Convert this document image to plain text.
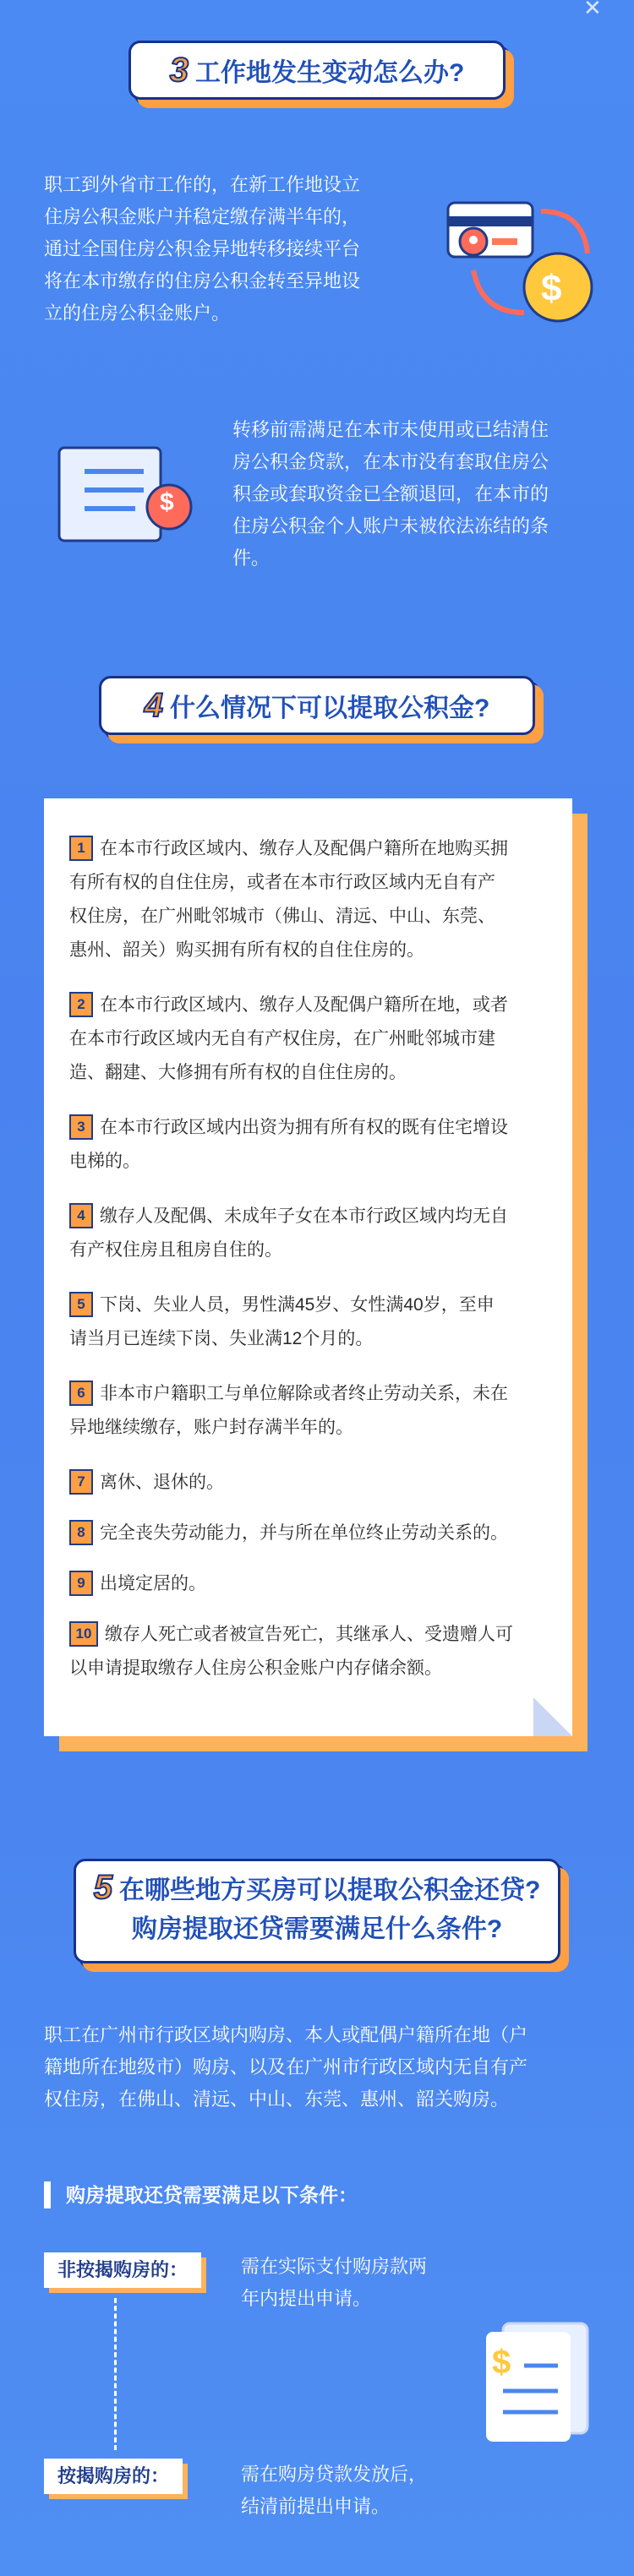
✕
3 工作地发生变动怎么办?
职工到外省市工作的，在新工作地设立
住房公积金账户并稳定缴存满半年的，
通过全国住房公积金异地转移接续平台
将在本市缴存的住房公积金转至异地设
立的住房公积金账户。
$
$
转移前需满足在本市未使用或已结清住
房公积金贷款，在本市没有套取住房公
积金或套取资金已全额退回，在本市的
住房公积金个人账户未被依法冻结的条
件。
4 什么情况下可以提取公积金?
1 在本市行政区域内、缴存人及配偶户籍所在地购买拥
有所有权的自住住房，或者在本市行政区域内无自有产
权住房，在广州毗邻城市（佛山、清远、中山、东莞、
惠州、韶关）购买拥有所有权的自住住房的。
2 在本市行政区域内、缴存人及配偶户籍所在地，或者
在本市行政区域内无自有产权住房，在广州毗邻城市建
造、翻建、大修拥有所有权的自住住房的。
3 在本市行政区域内出资为拥有所有权的既有住宅增设
电梯的。
4 缴存人及配偶、未成年子女在本市行政区域内均无自
有产权住房且租房自住的。
5 下岗、失业人员，男性满45岁、女性满40岁，至申
请当月已连续下岗、失业满12个月的。
6 非本市户籍职工与单位解除或者终止劳动关系，未在
异地继续缴存，账户封存满半年的。
7 离休、退休的。
8 完全丧失劳动能力，并与所在单位终止劳动关系的。
9 出境定居的。
10 缴存人死亡或者被宣告死亡，其继承人、受遗赠人可
以申请提取缴存人住房公积金账户内存储余额。
5 在哪些地方买房可以提取公积金还贷?
购房提取还贷需要满足什么条件?
职工在广州市行政区域内购房、本人或配偶户籍所在地（户
籍地所在地级市）购房、以及在广州市行政区域内无自有产
权住房，在佛山、清远、中山、东莞、惠州、韶关购房。
购房提取还贷需要满足以下条件：
非按揭购房的：	需在实际支付购房款两
年内提出申请。
$
按揭购房的：	需在购房贷款发放后，
结清前提出申请。
